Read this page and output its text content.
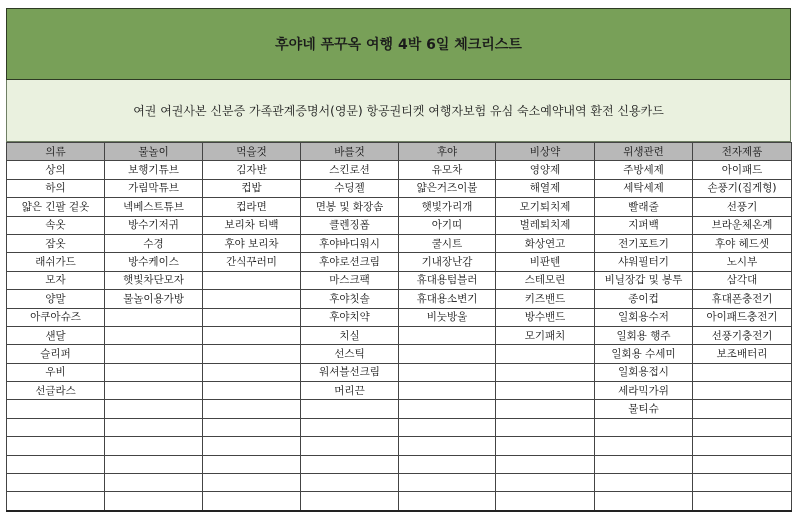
후야네 푸꾸옥 여행 4박 6일 체크리스트
여권 여권사본 신분증 가족관계증명서(영문) 항공권티켓 여행자보험 유심 숙소예약내역 환전 신용카드
의류	물놀이	먹을것	바를것	후야	비상약	위생관련	전자제품
상의	보행기튜브	김자반	스킨로션	유모차	영양제	주방세제	아이패드
하의	가림막튜브	컵밥	수딩젤	얇은거즈이불	해열제	세탁세제	손풍기(집게형)
얇은 긴팔 겉옷	넥베스트튜브	컵라면	면봉 및 화장솜	햇빛가리개	모기퇴치제	빨래줄	선풍기
속옷	방수기저귀	보리차 티백	클렌징폼	아기띠	벌레퇴치제	지퍼백	브라운체온계
잠옷	수경	후야 보리차	후야바디워시	쿨시트	화상연고	전기포트기	후야 헤드셋
래쉬가드	방수케이스	간식꾸러미	후야로션크림	기내장난감	비판텐	샤워필터기	노시부
모자	햇빛차단모자		마스크팩	휴대용텀블러	스테모린	비닐장갑 및 봉투	삼각대
양말	물놀이용가방		후야칫솔	휴대용소변기	키즈밴드	종이컵	휴대폰충전기
아쿠아슈즈			후야치약	비눗방울	방수밴드	일회용수저	아이패드충전기
샌달			치실		모기패치	일회용 행주	선풍기충전기
슬리퍼			선스틱			일회용 수세미	보조배터리
우비			워셔블선크림			일회용접시	
선글라스			머리끈			세라믹가위	
						물티슈	
